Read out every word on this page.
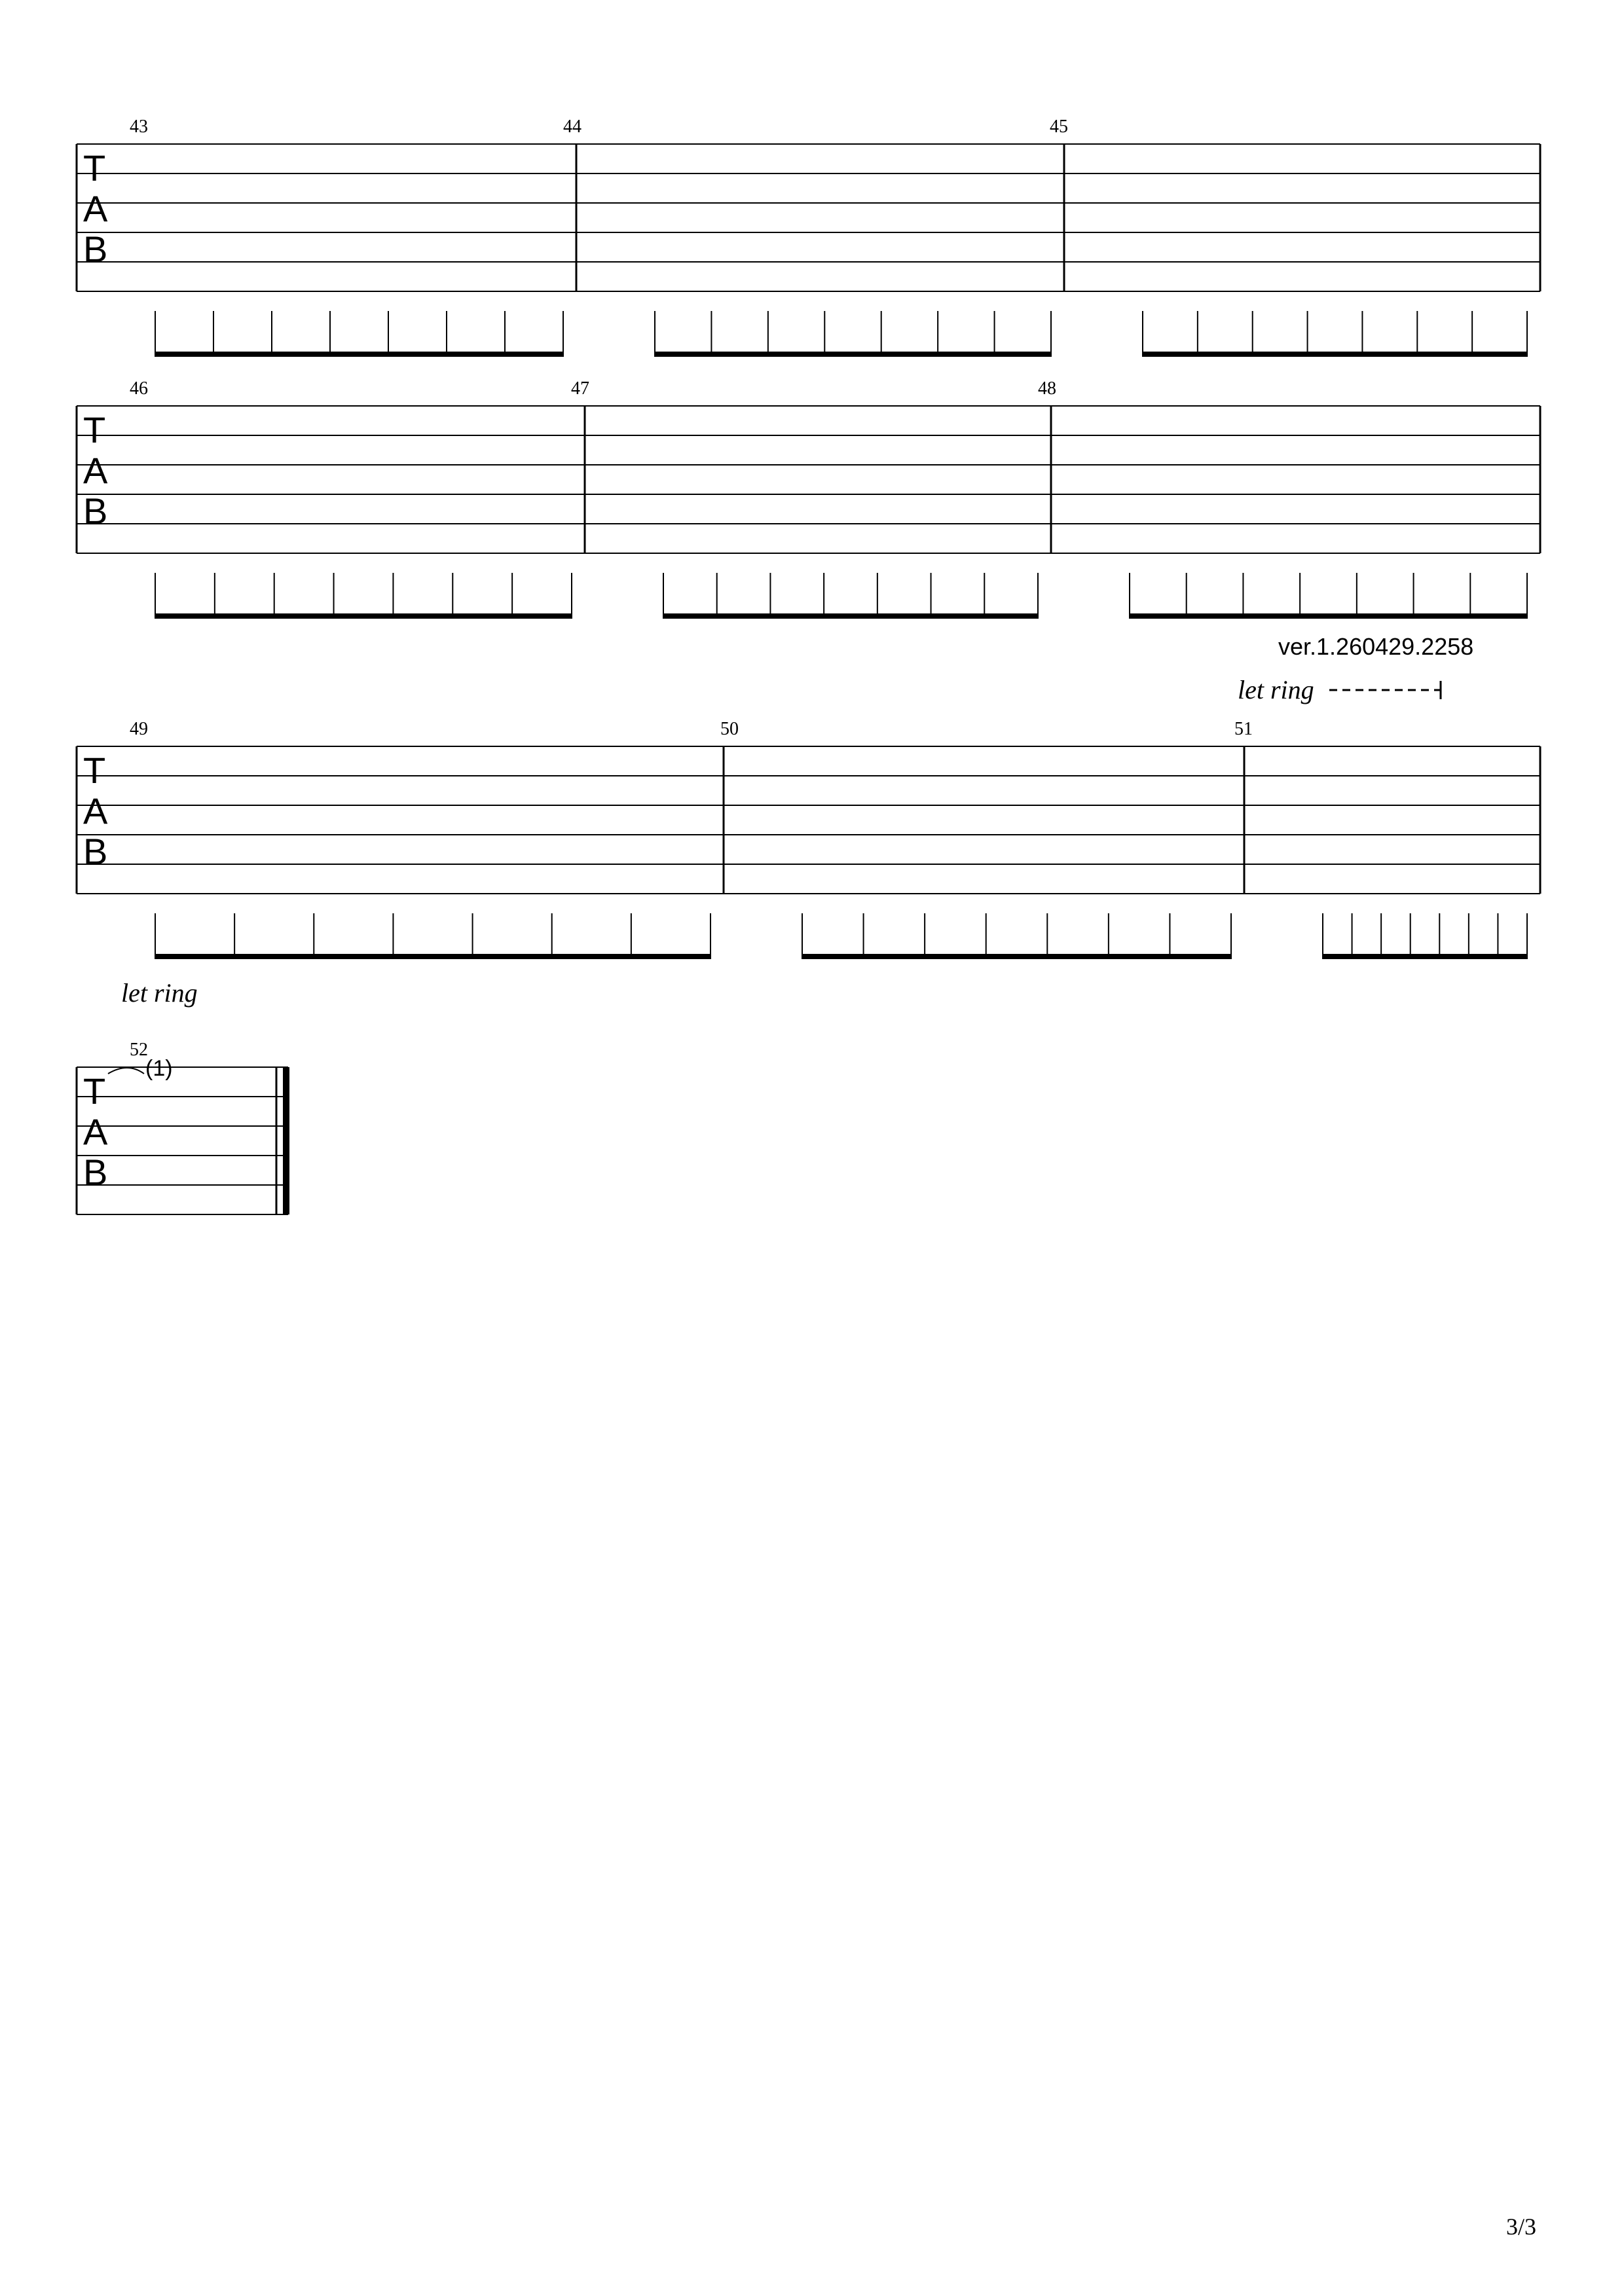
ver.1.260429.2258
3/3
let ring
let ring
T
A
B
43	44	45
T
A
B
46	47	48
T
A
B
49	50	51
T
A
B
52
(1)
